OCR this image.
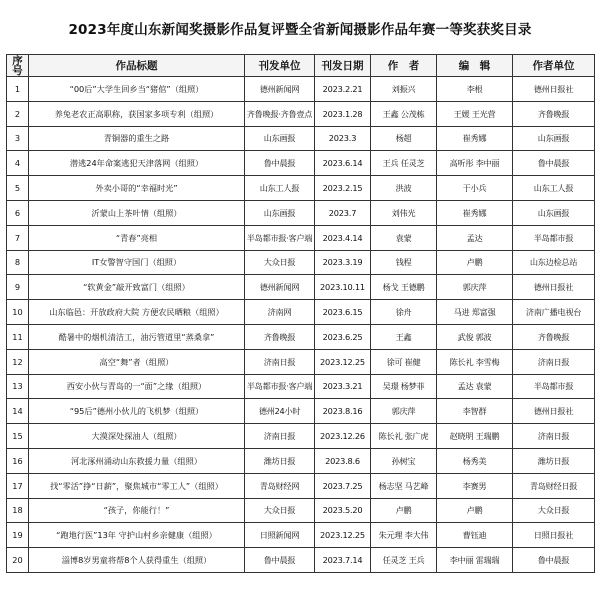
2023年度山东新闻奖摄影作品复评暨全省新闻摄影作品年赛一等奖获奖目录
序号	作品标题	刊发单位	刊发日期	作　者	编　辑	作者单位
1	“00后”大学生回乡当“猪倌”（组照）	德州新闻网	2023.2.21	刘振兴	李根	德州日报社
2	养兔老农正高职称，获国家多项专利（组照）	齐鲁晚报·齐鲁壹点	2023.1.28	王鑫 公茂栋	王媛 王光营	齐鲁晚报
3	青铜器的重生之路	山东画报	2023.3	杨超	崔秀娜	山东画报
4	潜逃24年命案逃犯天津落网（组照）	鲁中晨报	2023.6.14	王兵 任灵芝	高听彤 李中丽	鲁中晨报
5	外卖小哥的“幸福时光”	山东工人报	2023.2.15	洪波	于小兵	山东工人报
6	沂蒙山上茶叶情（组照）	山东画报	2023.7	刘伟光	崔秀娜	山东画报
7	“青春”亮相	半岛都市报·客户端	2023.4.14	袁蒙	孟达	半岛都市报
8	IT女警智守国门（组照）	大众日报	2023.3.19	钱程	卢鹏	山东边检总站
9	“软黄金”敲开致富门（组照）	德州新闻网	2023.10.11	杨戈 王德鹏	郭庆萍	德州日报社
10	山东临邑：开放政府大院 方便农民晒粮（组照）	济南网	2023.6.15	徐舟	马进 郑富强	济南广播电视台
11	酷暑中的烟机清洁工，油污管道里“蒸桑拿”	齐鲁晚报	2023.6.25	王鑫	武俊 郭波	齐鲁晚报
12	高空“舞”者（组照）	济南日报	2023.12.25	徐可 崔健	陈长礼 李雪梅	济南日报
13	西安小伙与青岛的一“面”之缘（组照）	半岛都市报·客户端	2023.3.21	吴璟 杨梦菲	孟达 袁蒙	半岛都市报
14	“95后”德州小伙儿的飞机梦（组照）	德州24小时	2023.8.16	郭庆萍	李智群	德州日报社
15	大漠深处探油人（组照）	济南日报	2023.12.26	陈长礼 张广虎	赵晓明 王瑞鹏	济南日报
16	河北涿州涌动山东救援力量（组照）	潍坊日报	2023.8.6	孙树宝	杨秀美	潍坊日报
17	找“零活”挣“日薪”，聚焦城市“零工人”（组照）	青岛财经网	2023.7.25	杨志坚 马艺峰	李赛男	青岛财经日报
18	“孩子，你能行！”	大众日报	2023.5.20	卢鹏	卢鹏	大众日报
19	“跑地行医”13年 守护山村乡亲健康（组照）	日照新闻网	2023.12.25	朱元理 李大伟	曹钰迪	日照日报社
20	淄博8岁男童将帮8个人获得重生（组照）	鲁中晨报	2023.7.14	任灵芝 王兵	李中丽 雷瑞瑞	鲁中晨报
